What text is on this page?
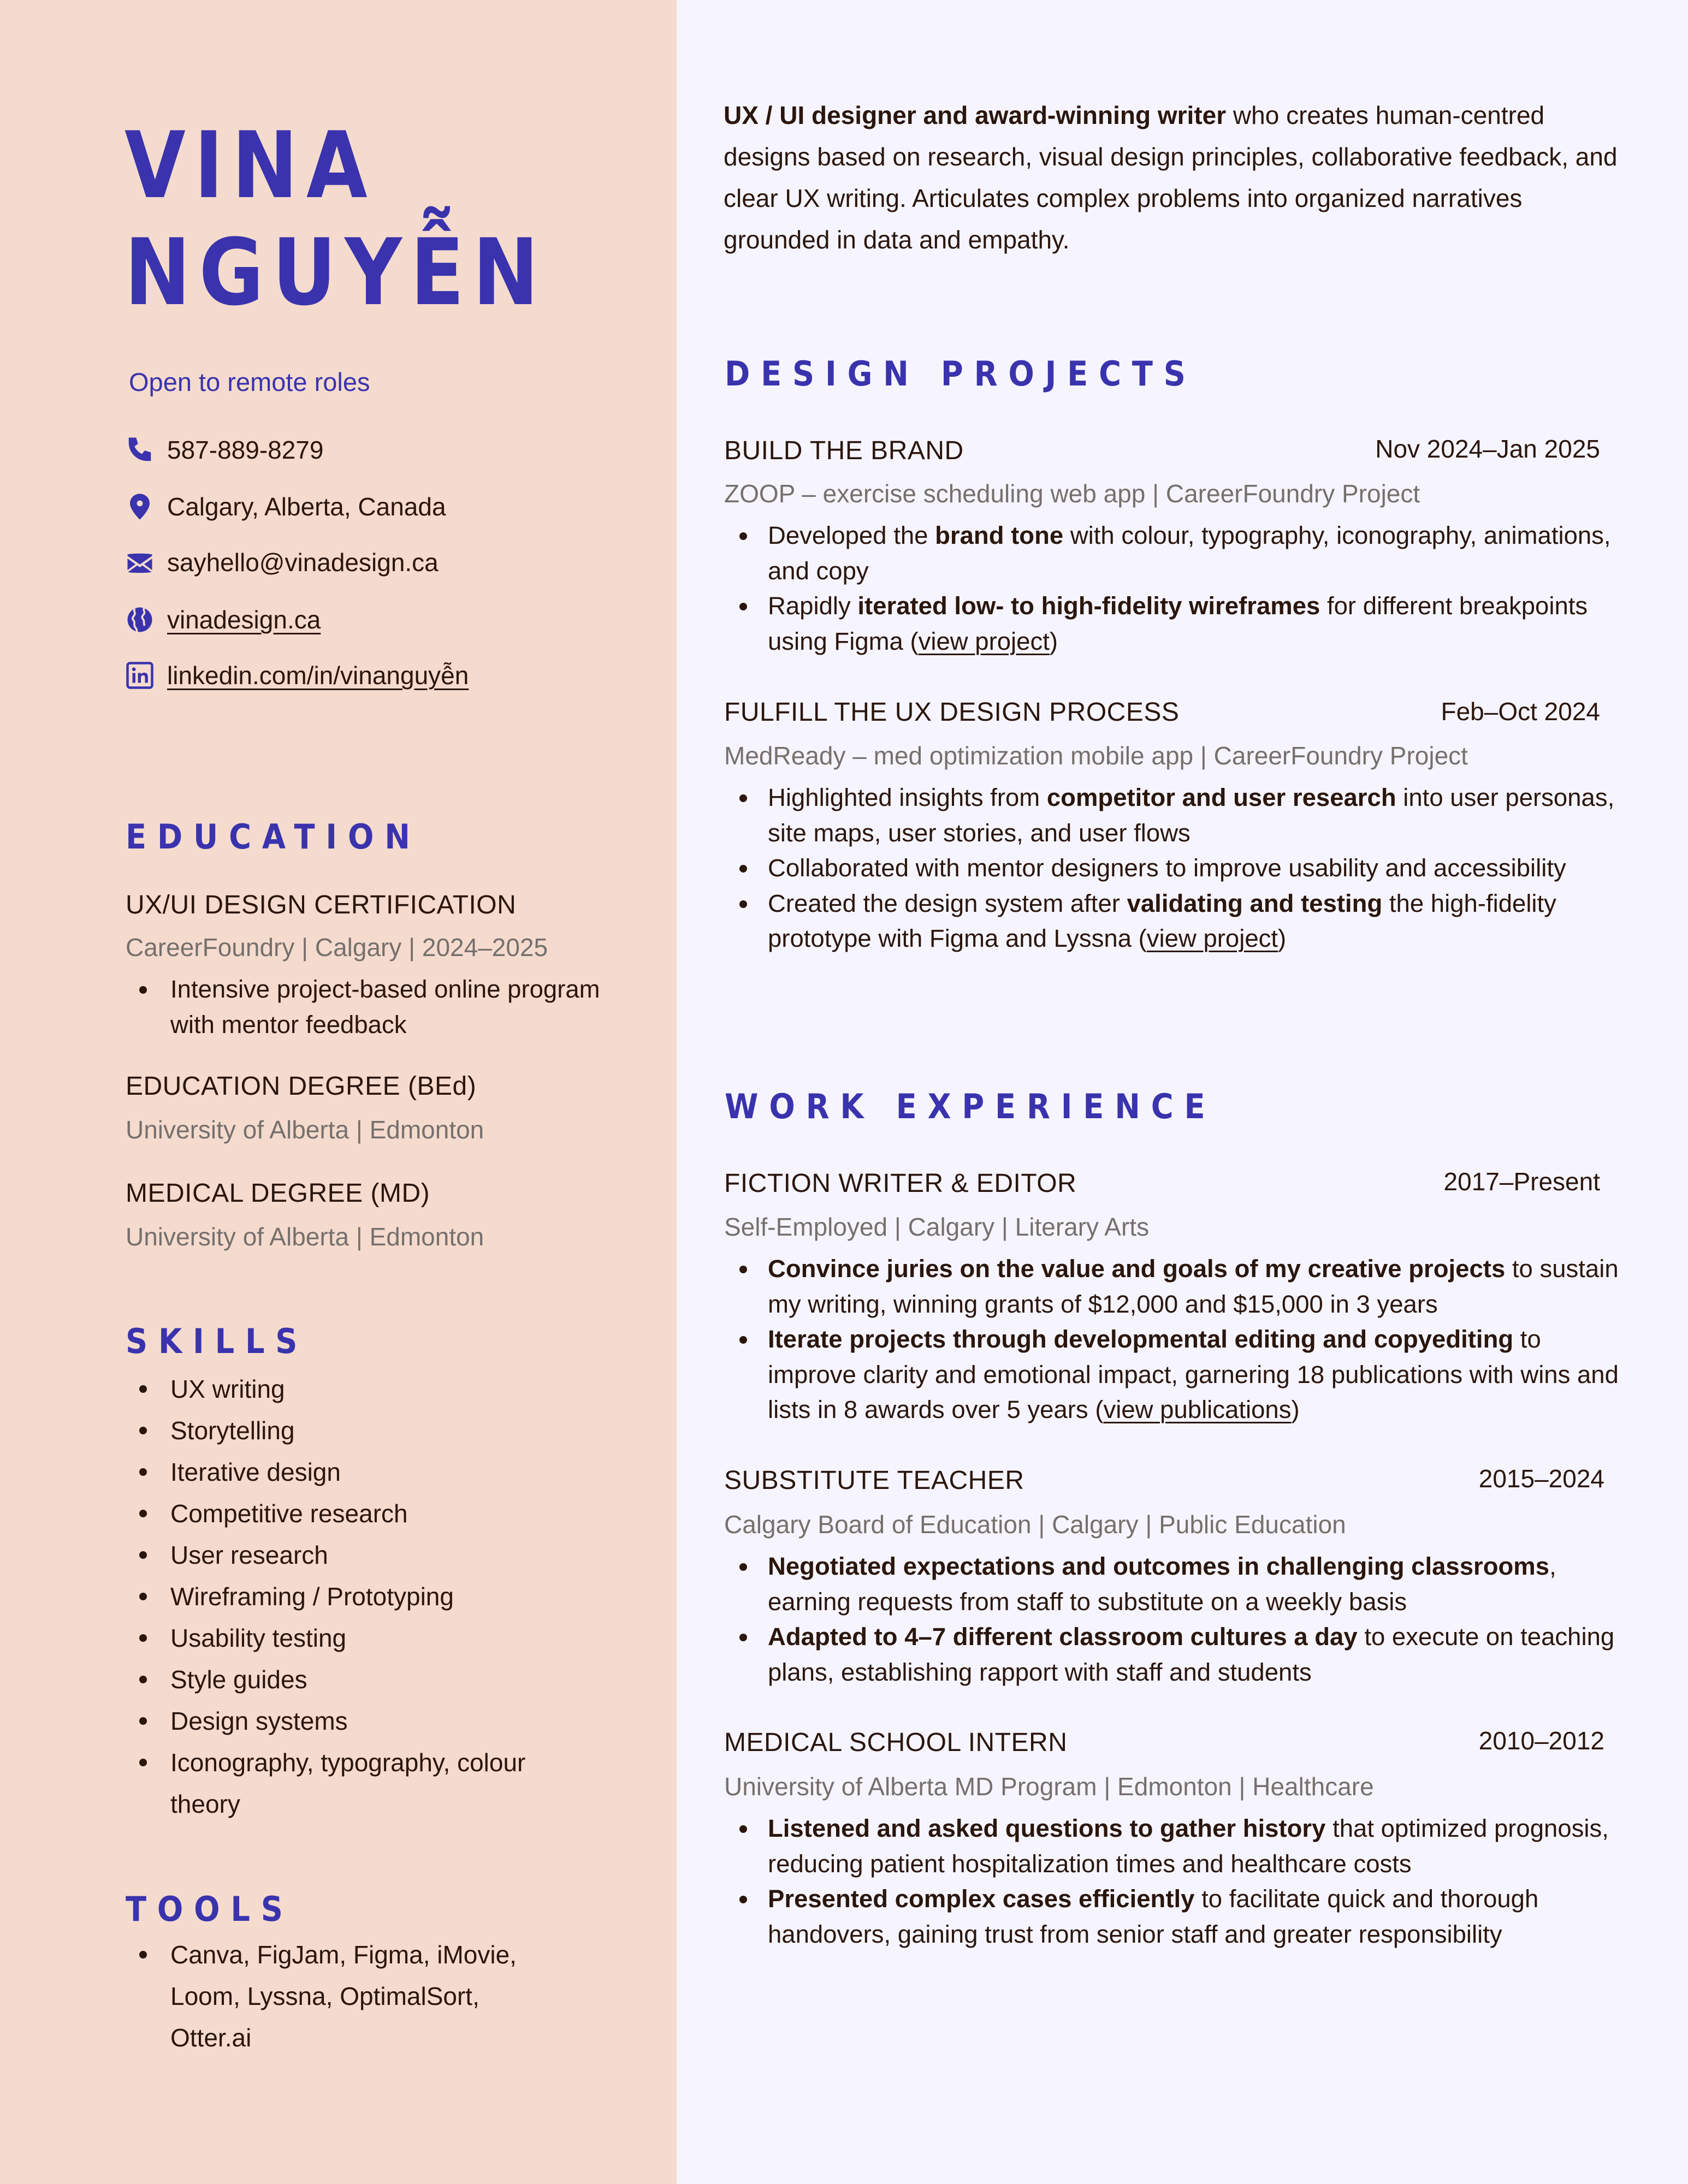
VINA
NGUYỄN
Open to remote roles
587-889-8279
Calgary, Alberta, Canada
sayhello@vinadesign.ca
vinadesign.ca
linkedin.com/in/vinanguyễn
EDUCATION
UX/UI DESIGN CERTIFICATION
CareerFoundry | Calgary | 2024–2025
Intensive project-based online program with mentor feedback
EDUCATION DEGREE (BEd)
University of Alberta | Edmonton
MEDICAL DEGREE (MD)
University of Alberta | Edmonton
SKILLS
UX writing
Storytelling
Iterative design
Competitive research
User research
Wireframing / Prototyping
Usability testing
Style guides
Design systems
Iconography, typography, colour theory
TOOLS
Canva, FigJam, Figma, iMovie, Loom, Lyssna, OptimalSort, Otter.ai
UX / UI designer and award-winning writer who creates human-centred designs based on research, visual design principles, collaborative feedback, and clear UX writing. Articulates complex problems into organized narratives grounded in data and empathy.
DESIGN PROJECTS
BUILD THE BRAND	Nov 2024–Jan 2025
ZOOP – exercise scheduling web app | CareerFoundry Project
Developed the brand tone with colour, typography, iconography, animations, and copy
Rapidly iterated low- to high-fidelity wireframes for different breakpoints using Figma (view project)
FULFILL THE UX DESIGN PROCESS	Feb–Oct 2024
MedReady – med optimization mobile app | CareerFoundry Project
Highlighted insights from competitor and user research into user personas, site maps, user stories, and user flows
Collaborated with mentor designers to improve usability and accessibility
Created the design system after validating and testing the high-fidelity prototype with Figma and Lyssna (view project)
WORK EXPERIENCE
FICTION WRITER & EDITOR	2017–Present
Self-Employed | Calgary | Literary Arts
Convince juries on the value and goals of my creative projects to sustain my writing, winning grants of $12,000 and $15,000 in 3 years
Iterate projects through developmental editing and copyediting to improve clarity and emotional impact, garnering 18 publications with wins and lists in 8 awards over 5 years (view publications)
SUBSTITUTE TEACHER	2015–2024
Calgary Board of Education | Calgary | Public Education
Negotiated expectations and outcomes in challenging classrooms, earning requests from staff to substitute on a weekly basis
Adapted to 4–7 different classroom cultures a day to execute on teaching plans, establishing rapport with staff and students
MEDICAL SCHOOL INTERN	2010–2012
University of Alberta MD Program | Edmonton | Healthcare
Listened and asked questions to gather history that optimized prognosis, reducing patient hospitalization times and healthcare costs
Presented complex cases efficiently to facilitate quick and thorough handovers, gaining trust from senior staff and greater responsibility
